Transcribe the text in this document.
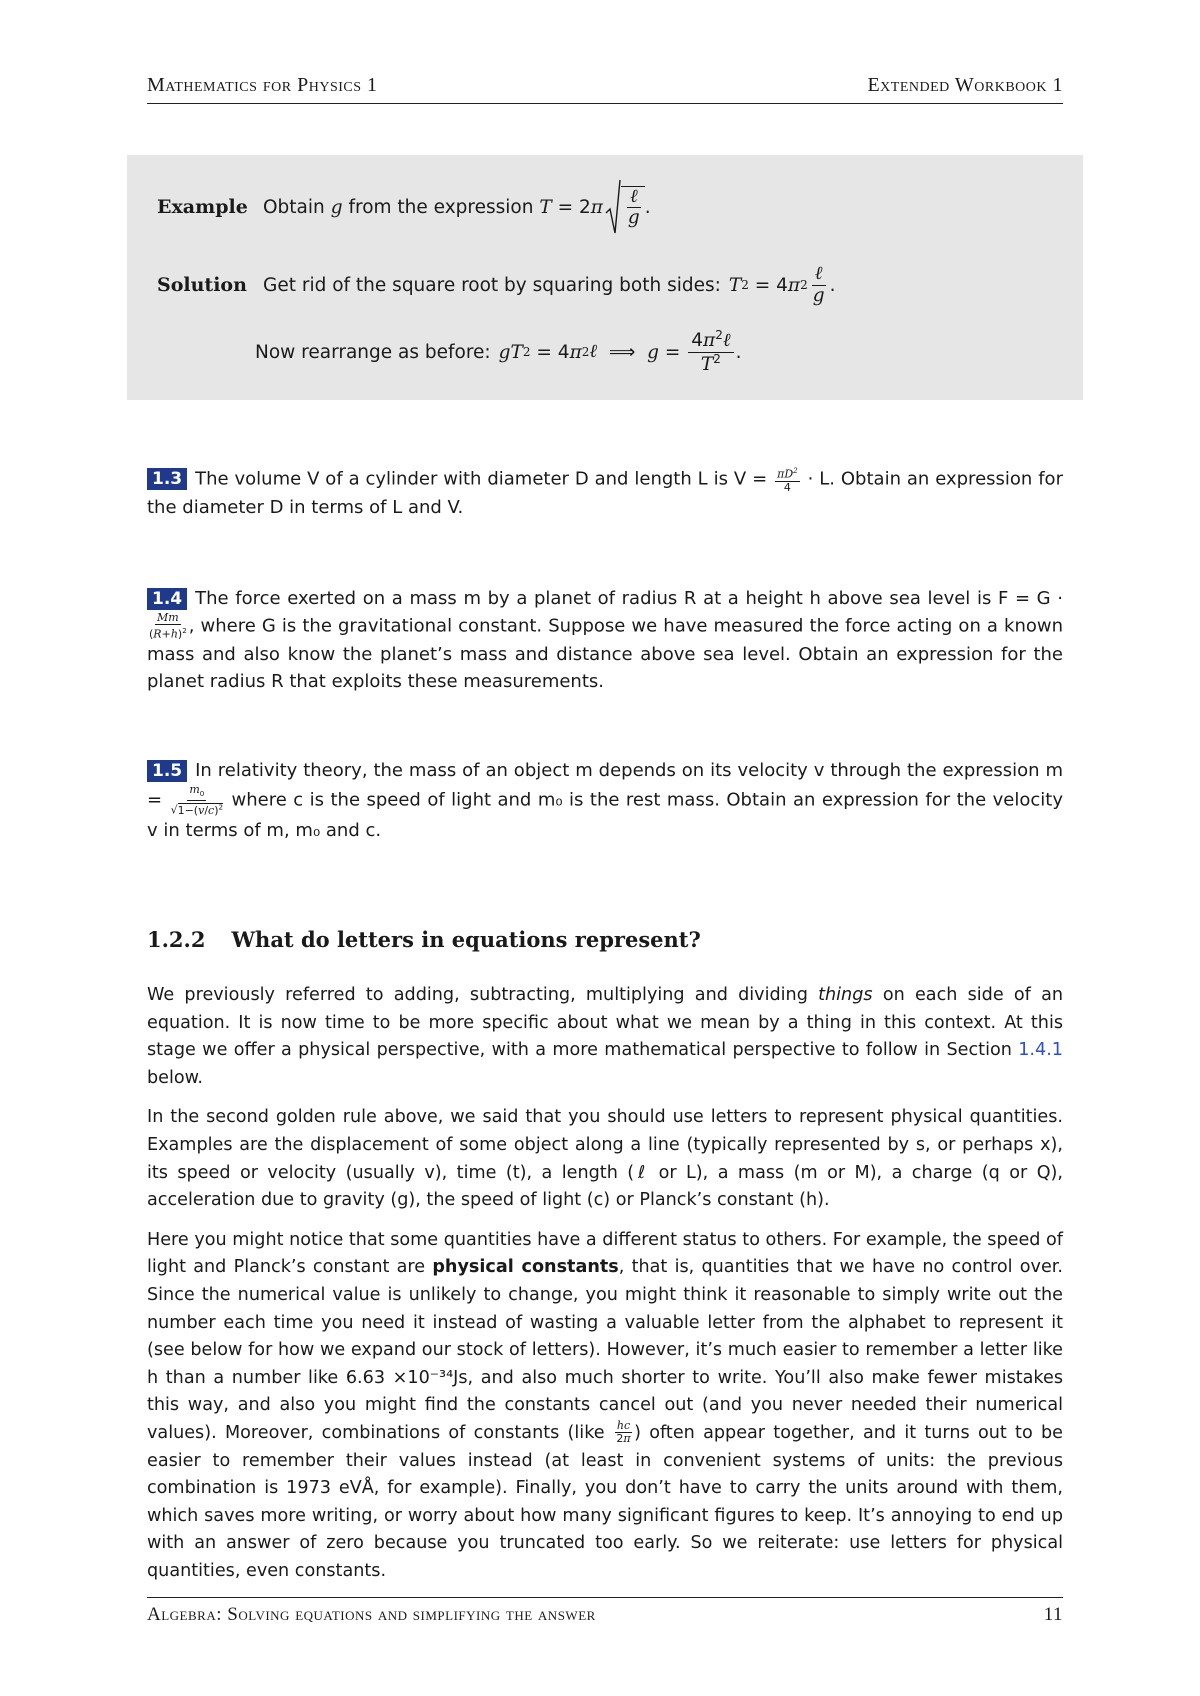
Mathematics for Physics 1	Extended Workbook 1
Example Obtain g
from the expression
T = 2 π $\frac{\text{ℓ}}{g}$ .
Solution Get rid of the square root by squaring both sides: T 2 = 4 π $2 \frac{\text{ℓ}}{g}$ .
Now rearrange as before: gT 2 = 4 π 2 ℓ ⟹ $g = \frac{4\pi^2\ell}{T^2}$ .
1.3 The volume V of a cylinder with diameter D and length L is $V = \frac{\pi D^2}{4} \cdot L$. Obtain an expression for the diameter D in terms of L and V.
1.4 The force exerted on a mass m by a planet of radius R at a height h above sea level is F = G ·
$\frac{Mm}{(R+h)^2}$ , where G is the gravitational constant. Suppose we have measured the force acting on a known mass and also know the planet’s mass and distance above sea level. Obtain an expression for the planet radius R that exploits these measurements.
1.5 In relativity theory, the mass of an object m depends on its velocity v through the expression $m = \frac{m_0}{√1-(v/c)^2}$ where c is the speed of light and m₀ is the rest mass. Obtain an expression for the velocity v in terms of m, m₀ and c.
1.2.2 What do letters in equations represent?

We previously referred to adding, subtracting, multiplying and dividing things on each side of an equation. It is now time to be more specific about what we mean by a thing in this context. At this stage we offer a physical perspective, with a more mathematical perspective to follow in Section 1.4.1 below.

In the second golden rule above, we said that you should use letters to represent physical quantities. Examples are the displacement of some object along a line (typically represented by s, or perhaps x), its speed or velocity (usually v), time (t), a length (ℓ or L), a mass (m or M), a charge (q or Q), acceleration due to gravity (g), the speed of light (c) or Planck’s constant (h).

Here you might notice that some quantities have a different status to others. For example, the speed of light and Planck’s constant are physical constants, that is, quantities that we have no control over. Since the numerical value is unlikely to change, you might think it reasonable to simply write out the number each time you need it instead of wasting a valuable letter from the alphabet to represent it (see below for how we expand our stock of letters). However, it’s much easier to remember a letter like h than a number like 6.63 ×10⁻³⁴Js, and also much shorter to write. You’ll also make fewer mistakes this way, and also you might find the constants cancel out (and you never needed their numerical values). Moreover, combinations of constants (like $\frac{hc}{2\pi}$ ) often appear together, and it turns out to be easier to remember their values instead (at least in convenient systems of units: the previous combination is 1973 eVÅ, for example). Finally, you don’t have to carry the units around with them, which saves more writing, or worry about how many significant figures to keep. It’s annoying to end up with an answer of zero because you truncated too early. So we reiterate: use letters for physical quantities, even constants.

Algebra: Solving equations and simplifying the answer	11
